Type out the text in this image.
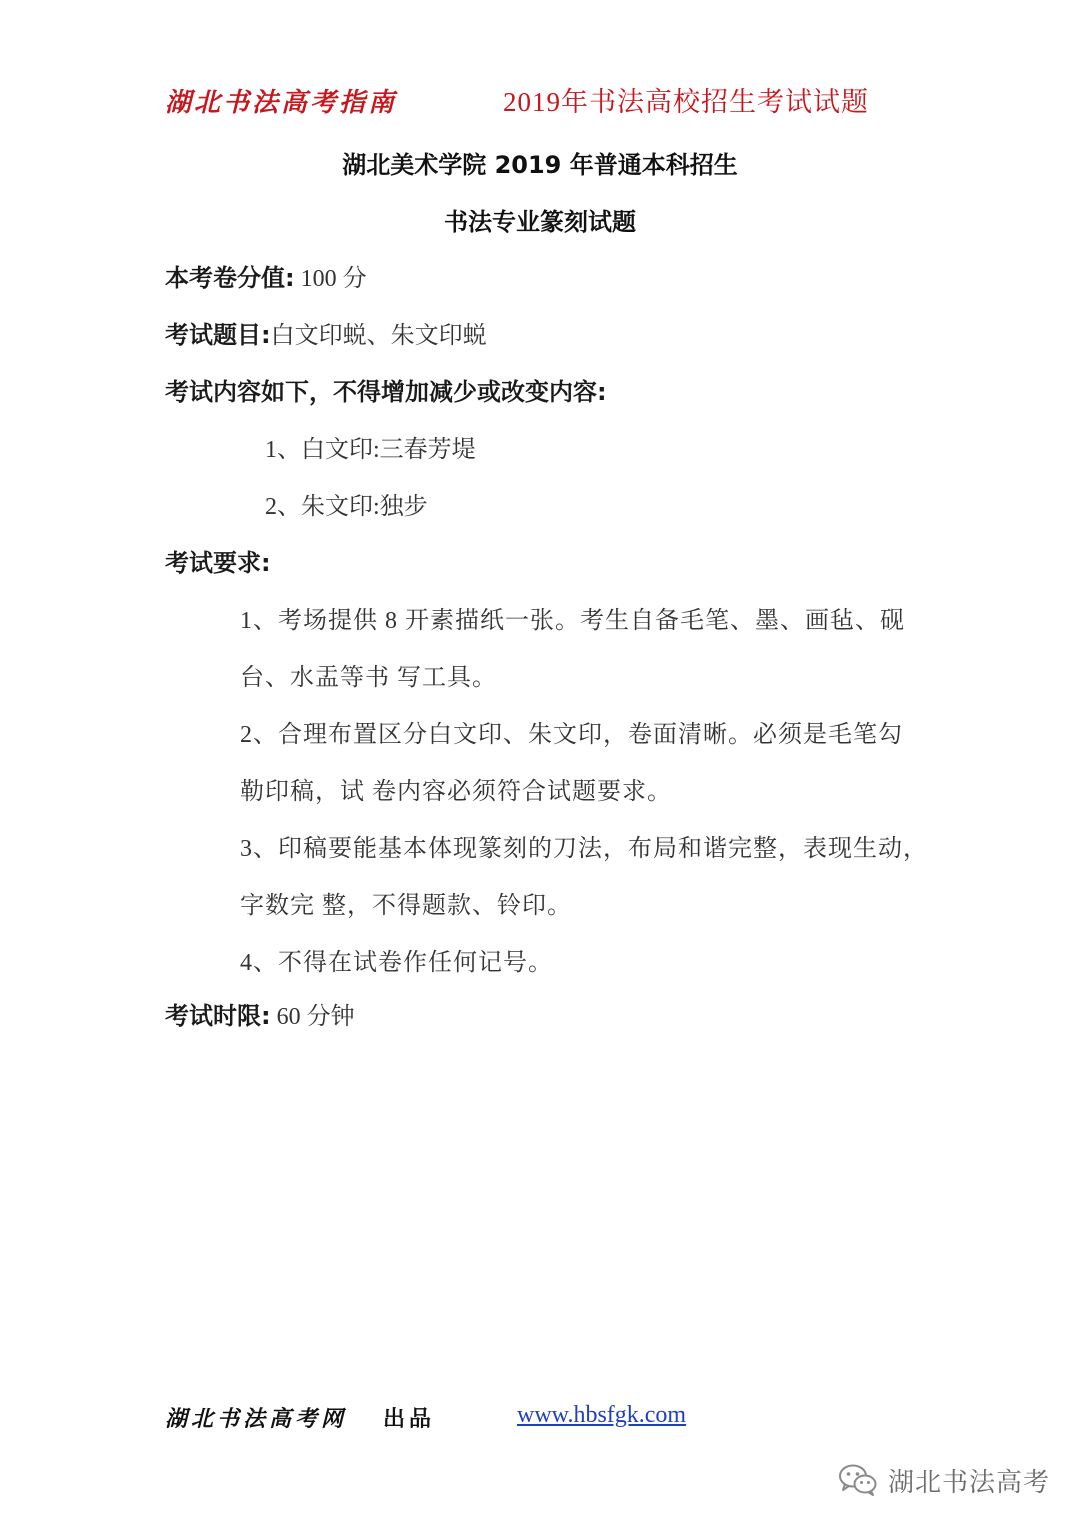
湖北书法高考指南	2019年书法高校招生考试试题
湖北美术学院 2019 年普通本科招生
书法专业篆刻试题
本考卷分值: 100 分
考试题目:白文印蜕、朱文印蜕
考试内容如下，不得增加减少或改变内容:
1、白文印:三春芳堤
2、朱文印:独步
考试要求:
1、考场提供 8 开素描纸一张。考生自备毛笔、墨、画毡、砚
台、水盂等书 写工具。
2、合理布置区分白文印、朱文印，卷面清晰。必须是毛笔勾
勒印稿，试 卷内容必须符合试题要求。
3、印稿要能基本体现篆刻的刀法，布局和谐完整，表现生动，
字数完 整，不得题款、铃印。
4、不得在试卷作任何记号。
考试时限: 60 分钟
湖北书法高考网 出品	www.hbsfgk.com
湖北书法高考
